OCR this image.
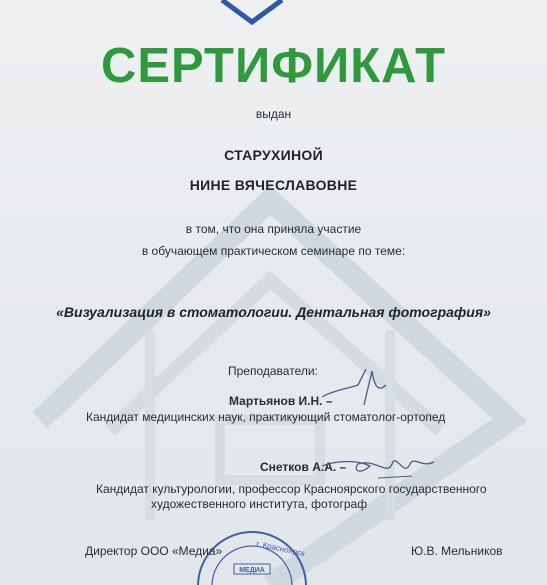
СЕРТИФИКАТ
выдан
СТАРУХИНОЙ
НИНЕ ВЯЧЕСЛАВОВНЕ
в том, что она приняла участие
в обучающем практическом семинаре по теме:
«Визуализация в стоматологии. Дентальная фотография»
Преподаватели:
Мартьянов И.Н. –
Кандидат медицинских наук, практикующий стоматолог-ортопед
Снетков А.А. –
Кандидат культурологии, профессор Красноярского государственного
художественного института, фотограф
г. Красноярск
МЕДИА
Директор ООО «Медиа»	Ю.В. Мельников
